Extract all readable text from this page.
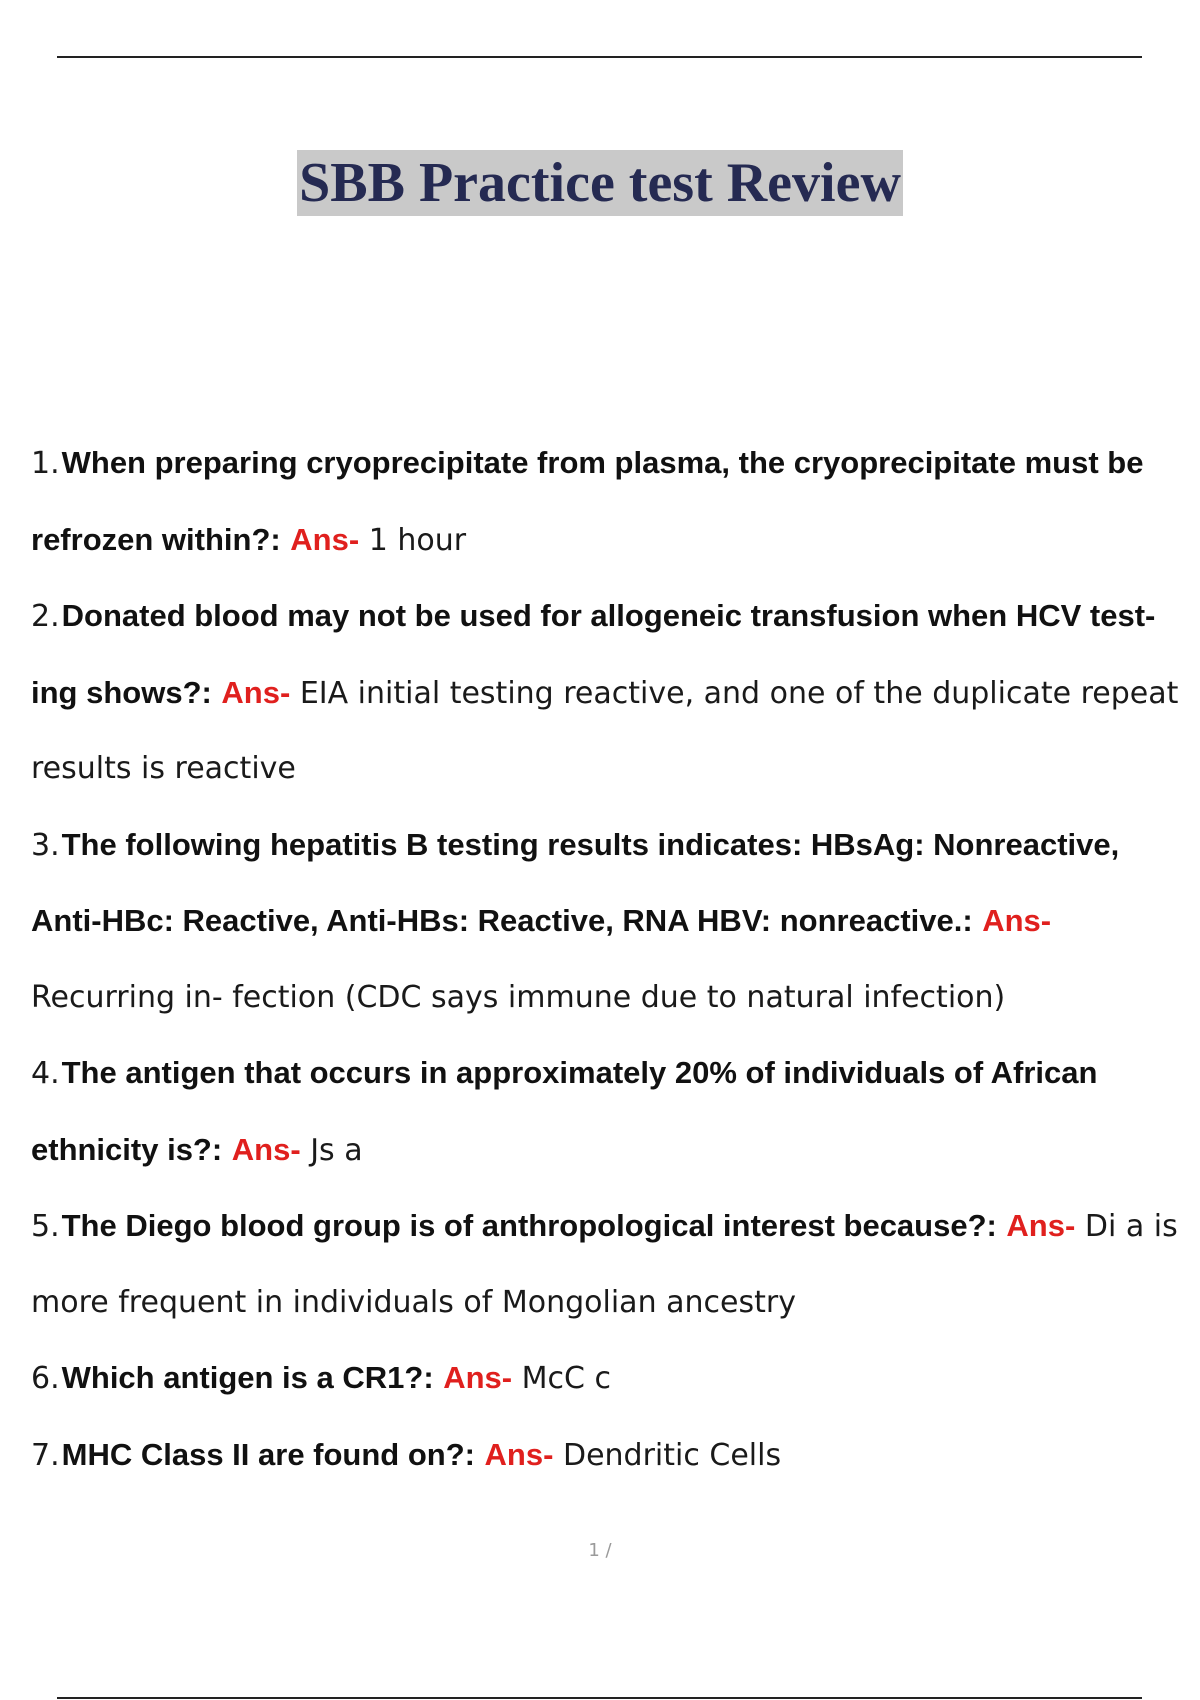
SBB Practice test Review
1.When preparing cryoprecipitate from plasma, the cryoprecipitate must be refrozen within?: Ans- 1 hour
2.Donated blood may not be used for allogeneic transfusion when HCV test- ing shows?: Ans- EIA initial testing reactive, and one of the duplicate repeat results is reactive
3.The following hepatitis B testing results indicates: HBsAg: Nonreactive, Anti-HBc: Reactive, Anti-HBs: Reactive, RNA HBV: nonreactive.: Ans- Recurring in- fection (CDC says immune due to natural infection)
4.The antigen that occurs in approximately 20% of individuals of African ethnicity is?: Ans- Js a
5.The Diego blood group is of anthropological interest because?: Ans- Di a is more frequent in individuals of Mongolian ancestry
6.Which antigen is a CR1?: Ans- McC c
7.MHC Class II are found on?: Ans- Dendritic Cells
1 /
